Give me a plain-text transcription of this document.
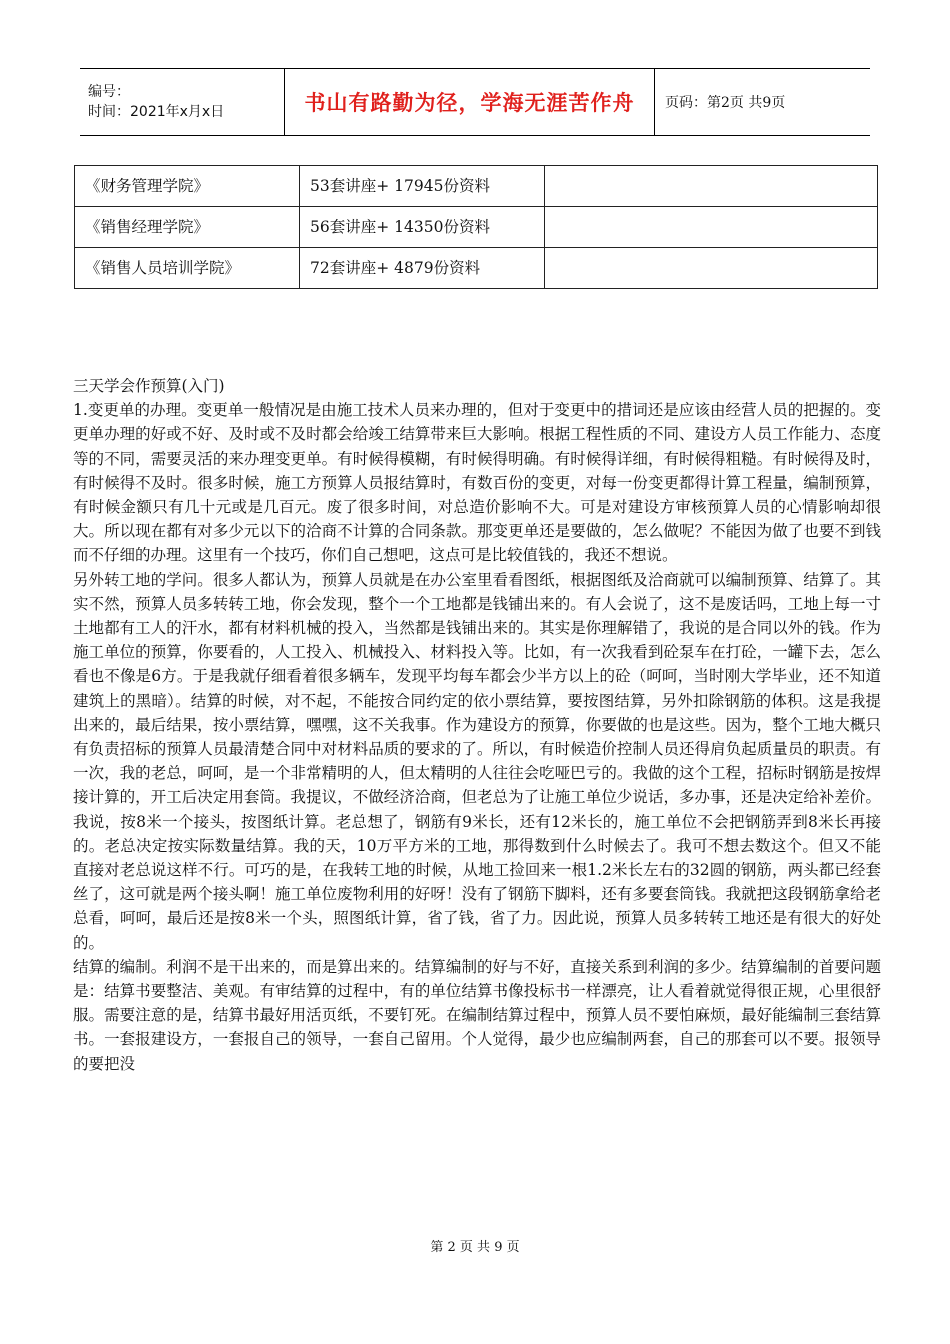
编号：
时间：2021年x月x日	书山有路勤为径，学海无涯苦作舟 页码：第2页 共9页
《财务管理学院》	53套讲座+ 17945份资料	
《销售经理学院》	56套讲座+ 14350份资料	
《销售人员培训学院》	72套讲座+ 4879份资料	

三天学会作预算(入门)

1.变更单的办理。变更单一般情况是由施工技术人员来办理的，但对于变更中的措词还是应该由经营人员的把握的。变更单办理的好或不好、及时或不及时都会给竣工结算带来巨大影响。根据工程性质的不同、建设方人员工作能力、态度等的不同，需要灵活的来办理变更单。有时候得模糊，有时候得明确。有时候得详细，有时候得粗糙。有时候得及时，有时候得不及时。很多时候，施工方预算人员报结算时，有数百份的变更，对每一份变更都得计算工程量，编制预算，有时候金额只有几十元或是几百元。废了很多时间，对总造价影响不大。可是对建设方审核预算人员的心情影响却很大。所以现在都有对多少元以下的洽商不计算的合同条款。那变更单还是要做的，怎么做呢？不能因为做了也要不到钱而不仔细的办理。这里有一个技巧，你们自己想吧，这点可是比较值钱的，我还不想说。

另外转工地的学问。很多人都认为，预算人员就是在办公室里看看图纸，根据图纸及洽商就可以编制预算、结算了。其实不然，预算人员多转转工地，你会发现，整个一个工地都是钱铺出来的。有人会说了，这不是废话吗，工地上每一寸土地都有工人的汗水，都有材料机械的投入，当然都是钱铺出来的。其实是你理解错了，我说的是合同以外的钱。作为施工单位的预算，你要看的，人工投入、机械投入、材料投入等。比如，有一次我看到砼泵车在打砼，一罐下去，怎么看也不像是6方。于是我就仔细看着很多辆车，发现平均每车都会少半方以上的砼（呵呵，当时刚大学毕业，还不知道建筑上的黑暗）。结算的时候，对不起，不能按合同约定的依小票结算，要按图结算，另外扣除钢筋的体积。这是我提出来的，最后结果，按小票结算，嘿嘿，这不关我事。作为建设方的预算，你要做的也是这些。因为，整个工地大概只有负责招标的预算人员最清楚合同中对材料品质的要求的了。所以，有时候造价控制人员还得肩负起质量员的职责。有一次，我的老总，呵呵，是一个非常精明的人，但太精明的人往往会吃哑巴亏的。我做的这个工程，招标时钢筋是按焊接计算的，开工后决定用套筒。我提议，不做经济洽商，但老总为了让施工单位少说话，多办事，还是决定给补差价。我说，按8米一个接头，按图纸计算。老总想了，钢筋有9米长，还有12米长的，施工单位不会把钢筋弄到8米长再接的。老总决定按实际数量结算。我的天，10万平方米的工地，那得数到什么时候去了。我可不想去数这个。但又不能直接对老总说这样不行。可巧的是，在我转工地的时候，从地工捡回来一根1.2米长左右的32圆的钢筋，两头都已经套丝了，这可就是两个接头啊！施工单位废物利用的好呀！没有了钢筋下脚料，还有多要套筒钱。我就把这段钢筋拿给老总看，呵呵，最后还是按8米一个头，照图纸计算，省了钱，省了力。因此说，预算人员多转转工地还是有很大的好处的。

结算的编制。利润不是干出来的，而是算出来的。结算编制的好与不好，直接关系到利润的多少。结算编制的首要问题是：结算书要整洁、美观。有审结算的过程中，有的单位结算书像投标书一样漂亮，让人看着就觉得很正规，心里很舒服。需要注意的是，结算书最好用活页纸，不要钉死。在编制结算过程中，预算人员不要怕麻烦，最好能编制三套结算书。一套报建设方，一套报自己的领导，一套自己留用。个人觉得，最少也应编制两套，自己的那套可以不要。报领导的要把没

第 2 页 共 9 页
